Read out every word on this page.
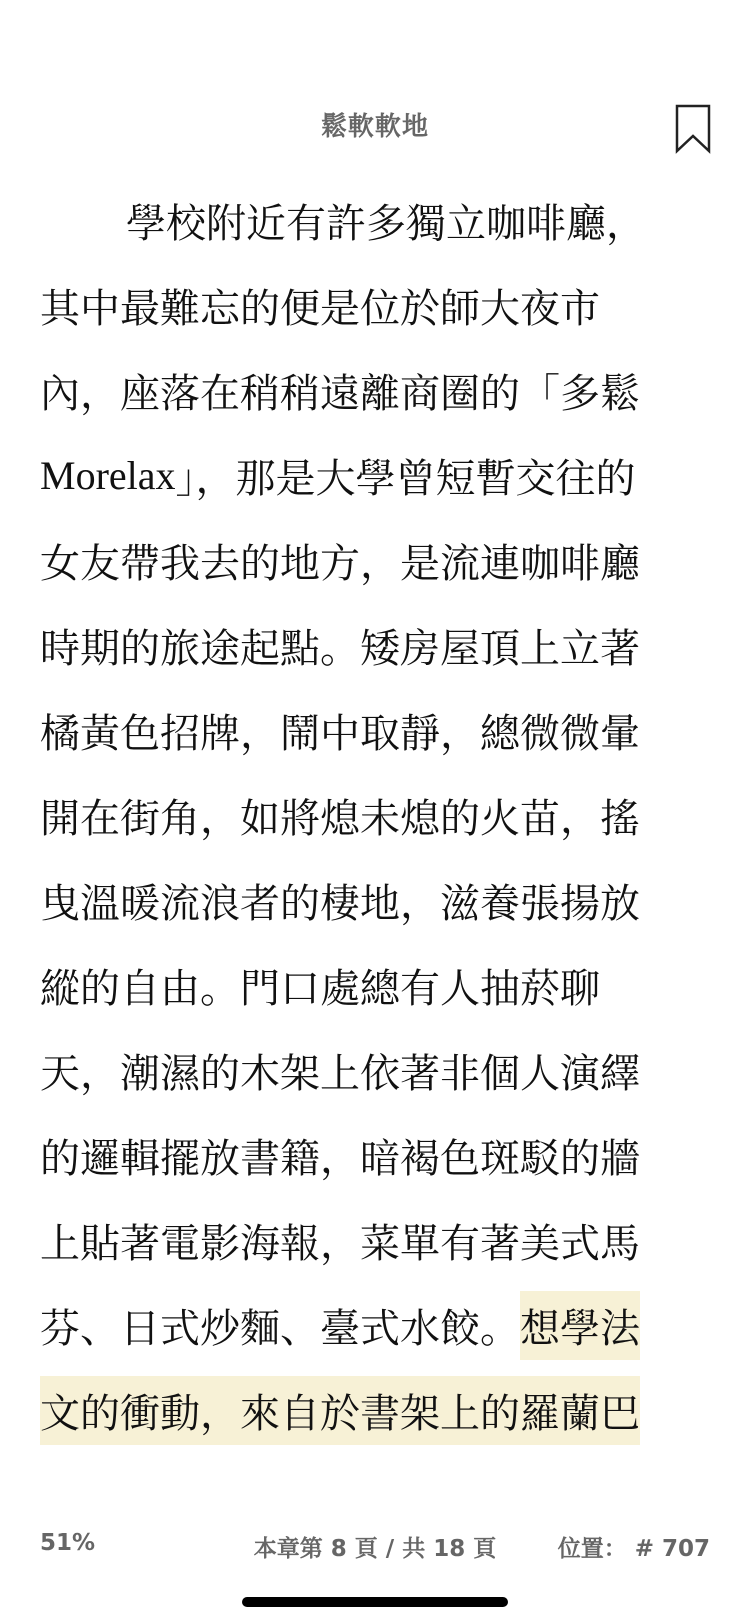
鬆軟軟地
學校附近有許多獨立咖啡廳，
其中最難忘的便是位於師大夜市
內，座落在稍稍遠離商圈的「多鬆
Morelax 」，那是大學曾短暫交往的
女友帶我去的地方，是流連咖啡廳
時期的旅途起點。矮房屋頂上立著
橘黃色招牌，鬧中取靜，總微微暈
開在街角，如將熄未熄的火苗，搖
曳溫暖流浪者的棲地，滋養張揚放
縱的自由。門口處總有人抽菸聊
天，潮濕的木架上依著非個人演繹
的邏輯擺放書籍，暗褐色斑駁的牆
上貼著電影海報，菜單有著美式馬
芬、日式炒麵、臺式水餃。 想學法
文的衝動，來自於書架上的羅蘭巴
51%	本章第 8 頁 / 共 18 頁	位置： # 707
